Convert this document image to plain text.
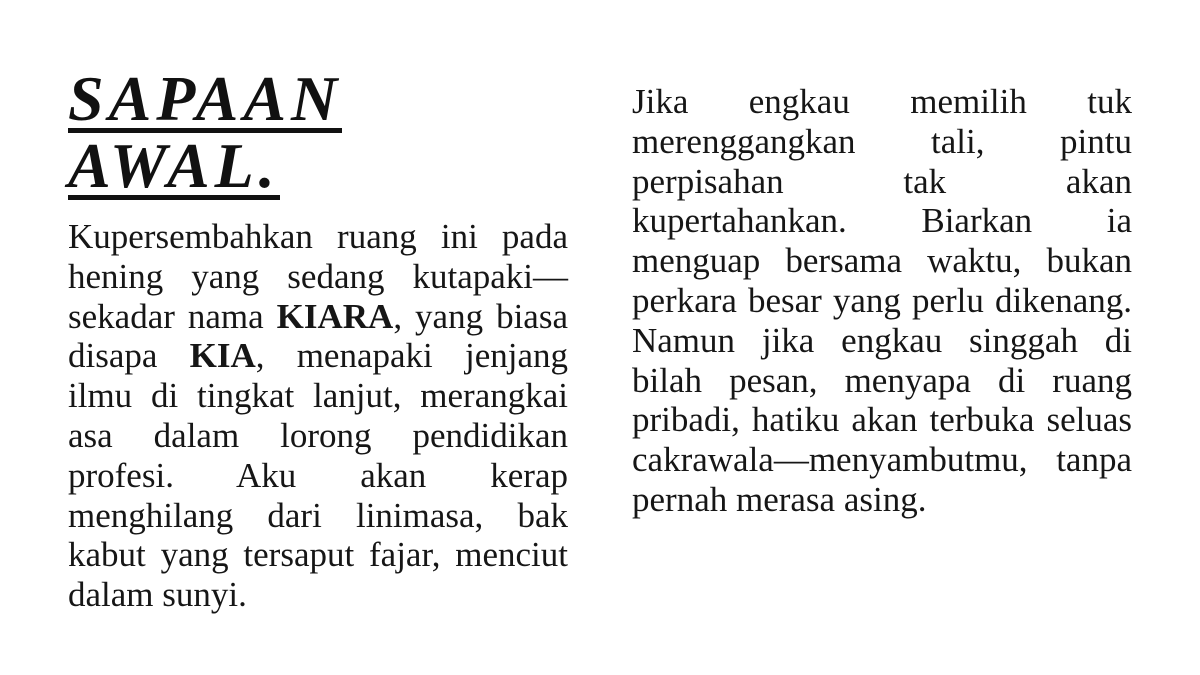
SAPAAN
AWAL.

Kupersembahkan ruang ini pada hening yang sedang kutapaki—sekadar nama KIARA, yang biasa disapa KIA, menapaki jenjang ilmu di tingkat lanjut, merangkai asa dalam lorong pendidikan profesi. Aku akan kerap menghilang dari linimasa, bak kabut yang tersaput fajar, menciut dalam sunyi.

Jika engkau memilih tuk merenggangkan tali, pintu perpisahan tak akan kupertahankan. Biarkan ia menguap bersama waktu, bukan perkara besar yang perlu dikenang. Namun jika engkau singgah di bilah pesan, menyapa di ruang pribadi, hatiku akan terbuka seluas cakrawala—menyambutmu, tanpa pernah merasa asing.
